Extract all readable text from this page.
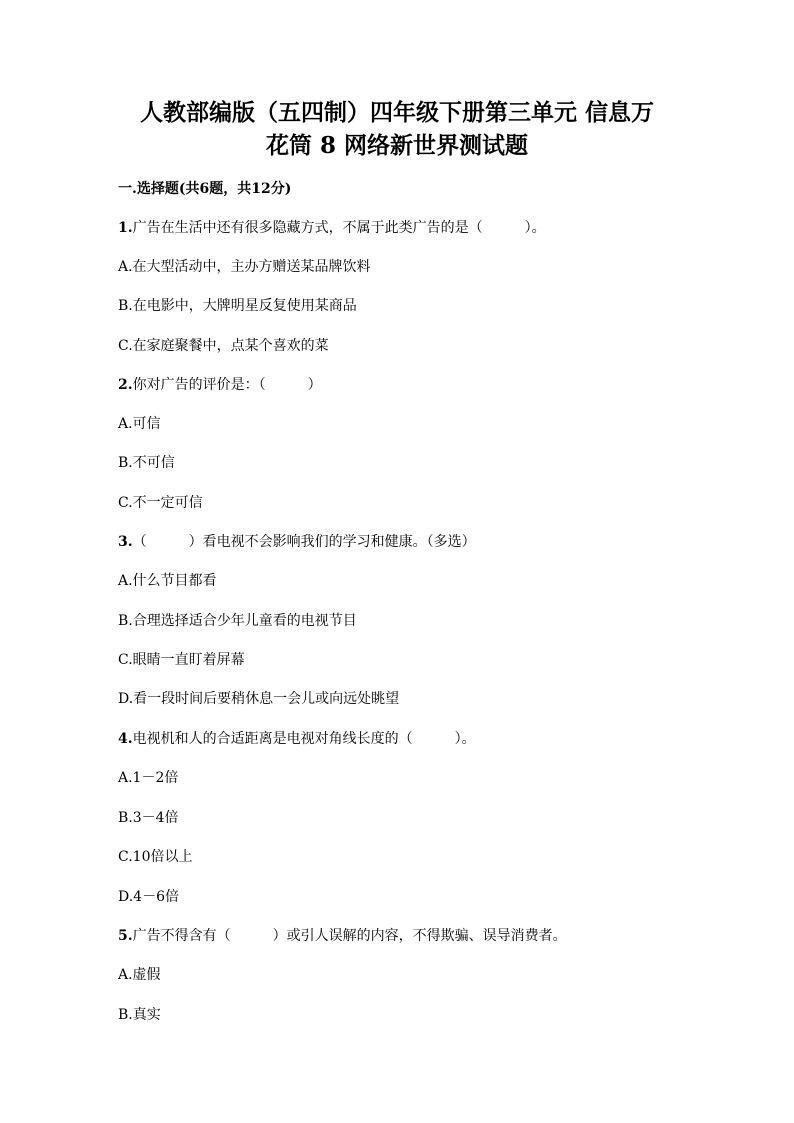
人教部编版（五四制）四年级下册第三单元 信息万
花筒 8 网络新世界测试题
一.选择题(共6题，共12分)
1.广告在生活中还有很多隐藏方式，不属于此类广告的是（　　　）。
A.在大型活动中，主办方赠送某品牌饮料
B.在电影中，大牌明星反复使用某商品
C.在家庭聚餐中，点某个喜欢的菜
2.你对广告的评价是：（　　　）
A.可信
B.不可信
C.不一定可信
3.（　　　）看电视不会影响我们的学习和健康。（多选）
A.什么节目都看
B.合理选择适合少年儿童看的电视节目
C.眼睛一直盯着屏幕
D.看一段时间后要稍休息一会儿或向远处眺望
4.电视机和人的合适距离是电视对角线长度的（　　　）。
A.1－2倍
B.3－4倍
C.10倍以上
D.4－6倍
5.广告不得含有（　　　）或引人误解的内容，不得欺骗、误导消费者。
A.虚假
B.真实
